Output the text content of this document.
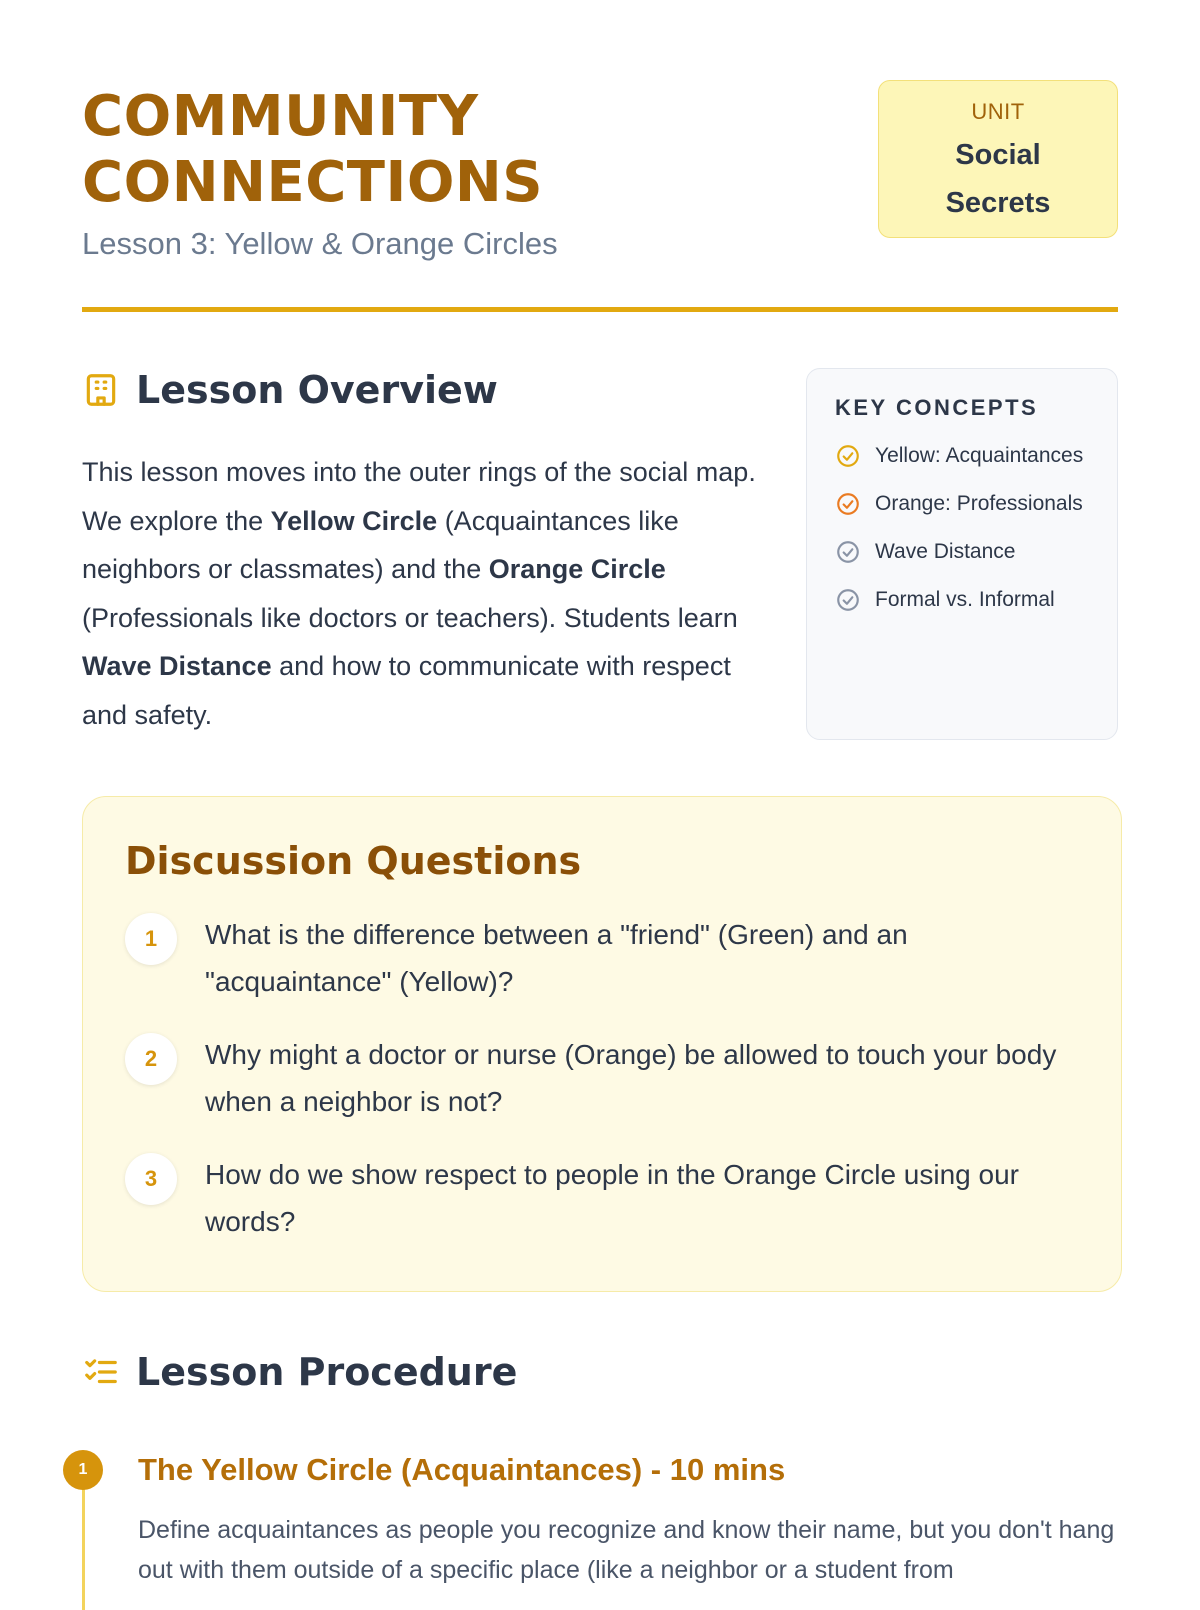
COMMUNITY
CONNECTIONS
Lesson 3: Yellow & Orange Circles
UNIT
Social
Secrets
Lesson Overview

This lesson moves into the outer rings of the social map. We explore the Yellow Circle (Acquaintances like neighbors or classmates) and the Orange Circle (Professionals like doctors or teachers). Students learn Wave Distance and how to communicate with respect and safety.

KEY CONCEPTS
Yellow: Acquaintances
Orange: Professionals
Wave Distance
Formal vs. Informal
Discussion Questions
1	What is the difference between a "friend" (Green) and an "acquaintance" (Yellow)?
2	Why might a doctor or nurse (Orange) be allowed to touch your body when a neighbor is not?
3	How do we show respect to people in the Orange Circle using our words?
Lesson Procedure
1	The Yellow Circle (Acquaintances) - 10 mins
Define acquaintances as people you recognize and know their name, but you don't hang out with them outside of a specific place (like a neighbor or a student from
